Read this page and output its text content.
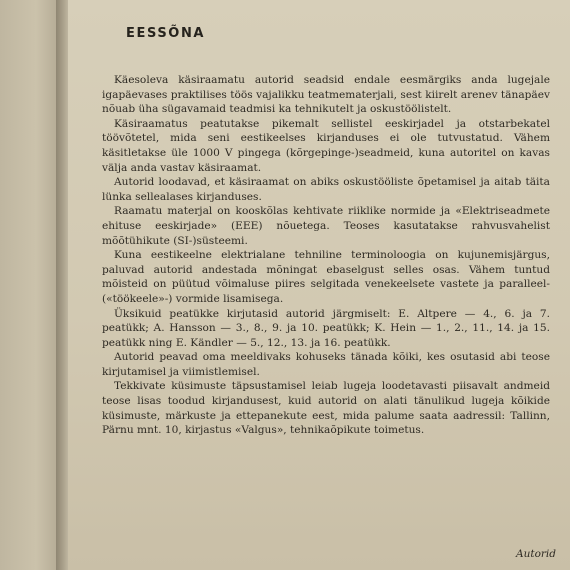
EESSÕNA

Käesoleva käsiraamatu autorid seadsid endale eesmärgiks anda lugejale igapäevases praktilises töös vajalikku teatmematerjali, sest kiirelt arenev tänapäev nõuab üha sügavamaid teadmisi ka tehnikutelt ja oskustöölistelt.

Käsiraamatus peatutakse pikemalt sellistel eeskirjadel ja otstarbekatel töövõtetel, mida seni eestikeelses kirjanduses ei ole tutvustatud. Vähem käsitletakse üle 1000 V pingega (kõrgepinge-)seadmeid, kuna autoritel on kavas välja anda vastav käsiraamat.

Autorid loodavad, et käsiraamat on abiks oskustööliste õpetamisel ja aitab täita lünka sellealases kirjanduses.

Raamatu materjal on kooskõlas kehtivate riiklike normide ja «Elektriseadmete ehituse eeskirjade» (EEE) nõuetega. Teoses kasutatakse rahvusvahelist mõõtühikute (SI-)süsteemi.

Kuna eestikeelne elektrialane tehniline terminoloogia on kujunemisjärgus, paluvad autorid andestada mõningat ebaselgust selles osas. Vähem tuntud mõisteid on püütud võimaluse piires selgitada venekeelsete vastete ja paralleel- («töökeele»-) vormide lisamisega.

Üksikuid peatükke kirjutasid autorid järgmiselt: E. Altpere — 4., 6. ja 7. peatükk; A. Hansson — 3., 8., 9. ja 10. peatükk; K. Hein — 1., 2., 11., 14. ja 15. peatükk ning E. Kändler — 5., 12., 13. ja 16. peatükk.

Autorid peavad oma meeldivaks kohuseks tänada kõiki, kes osutasid abi teose kirjutamisel ja viimistlemisel.

Tekkivate küsimuste täpsustamisel leiab lugeja loodetavasti piisavalt andmeid teose lisas toodud kirjandusest, kuid autorid on alati tänulikud lugeja kõikide küsimuste, märkuste ja ettepanekute eest, mida palume saata aadressil: Tallinn, Pärnu mnt. 10, kirjastus «Valgus», tehnikaõpikute toimetus.

Autorid
